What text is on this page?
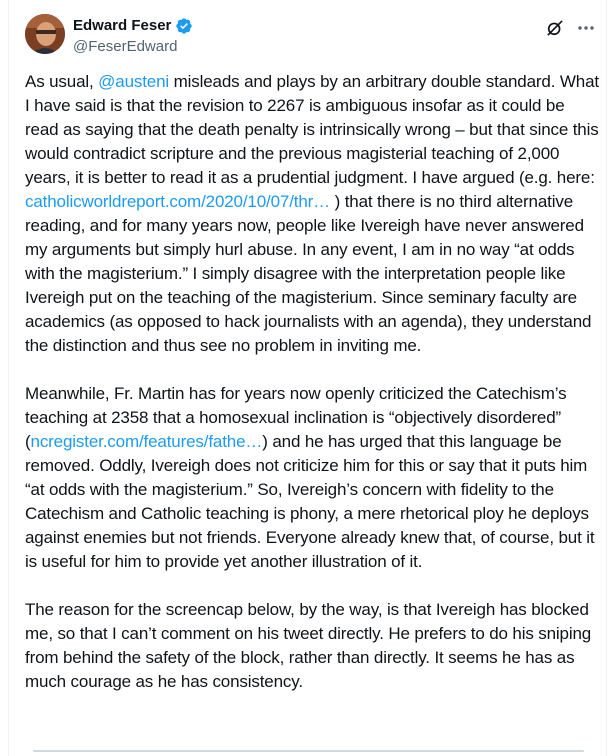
Edward Feser
@FeserEdward

As usual, @austeni misleads and plays by an arbitrary double standard. What I have said is that the revision to 2267 is ambiguous insofar as it could be read as saying that the death penalty is intrinsically wrong – but that since this would contradict scripture and the previous magisterial teaching of 2,000 years, it is better to read it as a prudential judgment. I have argued (e.g. here: catholicworldreport.com/2020/10/07/thr… ) that there is no third alternative reading, and for many years now, people like Ivereigh have never answered my arguments but simply hurl abuse. In any event, I am in no way “at odds with the magisterium.” I simply disagree with the interpretation people like Ivereigh put on the teaching of the magisterium. Since seminary faculty are academics (as opposed to hack journalists with an agenda), they understand the distinction and thus see no problem in inviting me.

Meanwhile, Fr. Martin has for years now openly criticized the Catechism’s teaching at 2358 that a homosexual inclination is “objectively disordered” (ncregister.com/features/fathe…) and he has urged that this language be removed. Oddly, Ivereigh does not criticize him for this or say that it puts him “at odds with the magisterium.” So, Ivereigh’s concern with fidelity to the Catechism and Catholic teaching is phony, a mere rhetorical ploy he deploys against enemies but not friends. Everyone already knew that, of course, but it is useful for him to provide yet another illustration of it.

The reason for the screencap below, by the way, is that Ivereigh has blocked me, so that I can’t comment on his tweet directly. He prefers to do his sniping from behind the safety of the block, rather than directly. It seems he has as much courage as he has consistency.
